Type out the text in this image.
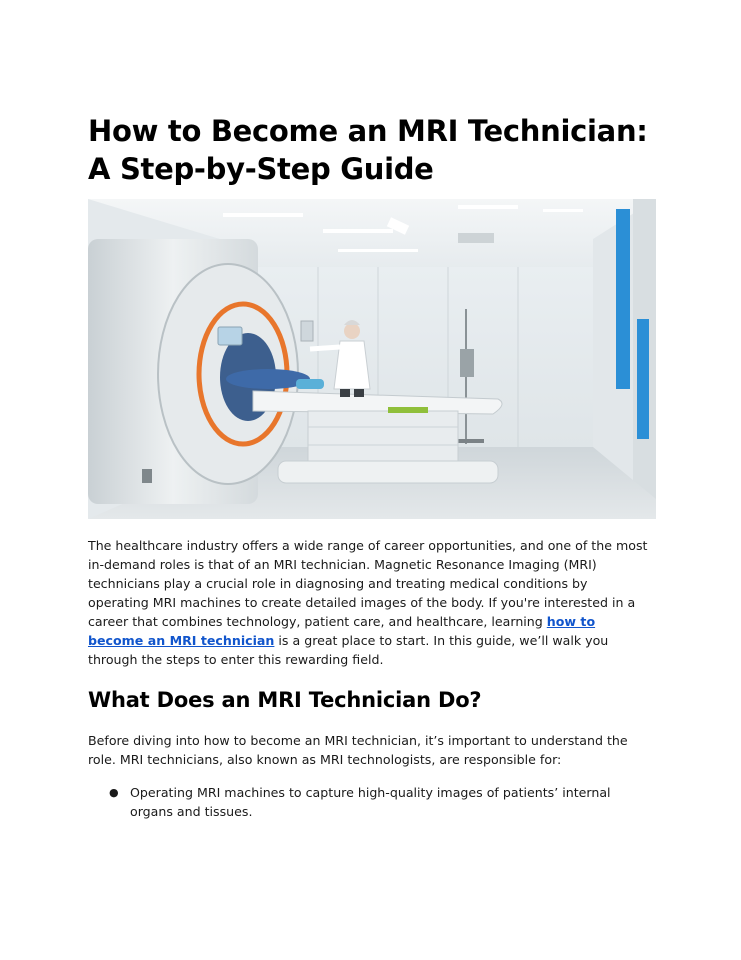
How to Become an MRI Technician:
A Step-by-Step Guide

The healthcare industry offers a wide range of career opportunities, and one of the most in-demand roles is that of an MRI technician. Magnetic Resonance Imaging (MRI) technicians play a crucial role in diagnosing and treating medical conditions by operating MRI machines to create detailed images of the body. If you're interested in a career that combines technology, patient care, and healthcare, learning how to become an MRI technician is a great place to start. In this guide, we’ll walk you through the steps to enter this rewarding field.

What Does an MRI Technician Do?

Before diving into how to become an MRI technician, it’s important to understand the role. MRI technicians, also known as MRI technologists, are responsible for:

● Operating MRI machines to capture high-quality images of patients’ internal organs and tissues.
